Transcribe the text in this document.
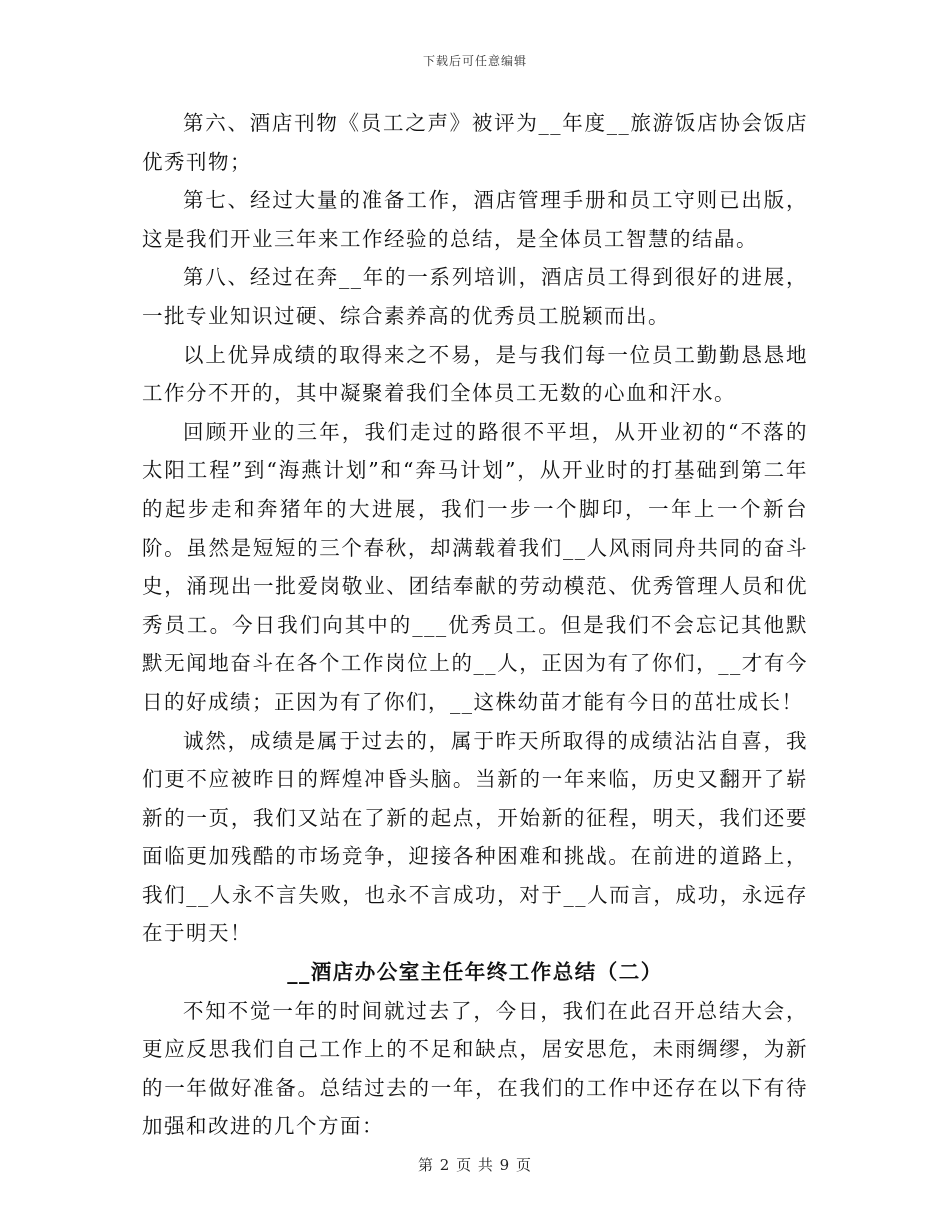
下载后可任意编辑

第六、酒店刊物《员工之声》被评为__年度__旅游饭店协会饭店优秀刊物；

第七、经过大量的准备工作，酒店管理手册和员工守则已出版，这是我们开业三年来工作经验的总结，是全体员工智慧的结晶。

第八、经过在奔__年的一系列培训，酒店员工得到很好的进展，一批专业知识过硬、综合素养高的优秀员工脱颖而出。

以上优异成绩的取得来之不易，是与我们每一位员工勤勤恳恳地工作分不开的，其中凝聚着我们全体员工无数的心血和汗水。

回顾开业的三年，我们走过的路很不平坦，从开业初的“不落的太阳工程”到“海燕计划”和“奔马计划”，从开业时的打基础到第二年的起步走和奔猪年的大进展，我们一步一个脚印，一年上一个新台阶。虽然是短短的三个春秋，却满载着我们__人风雨同舟共同的奋斗史，涌现出一批爱岗敬业、团结奉献的劳动模范、优秀管理人员和优秀员工。今日我们向其中的___优秀员工。但是我们不会忘记其他默默无闻地奋斗在各个工作岗位上的__人，正因为有了你们，__才有今日的好成绩；正因为有了你们，__这株幼苗才能有今日的茁壮成长！

诚然，成绩是属于过去的，属于昨天所取得的成绩沾沾自喜，我们更不应被昨日的辉煌冲昏头脑。当新的一年来临，历史又翻开了崭新的一页，我们又站在了新的起点，开始新的征程，明天，我们还要面临更加残酷的市场竞争，迎接各种困难和挑战。在前进的道路上，我们__人永不言失败，也永不言成功，对于__人而言，成功，永远存在于明天！

__酒店办公室主任年终工作总结（二）

不知不觉一年的时间就过去了，今日，我们在此召开总结大会，更应反思我们自己工作上的不足和缺点，居安思危，未雨绸缪，为新的一年做好准备。总结过去的一年，在我们的工作中还存在以下有待加强和改进的几个方面：

第 2 页 共 9 页
